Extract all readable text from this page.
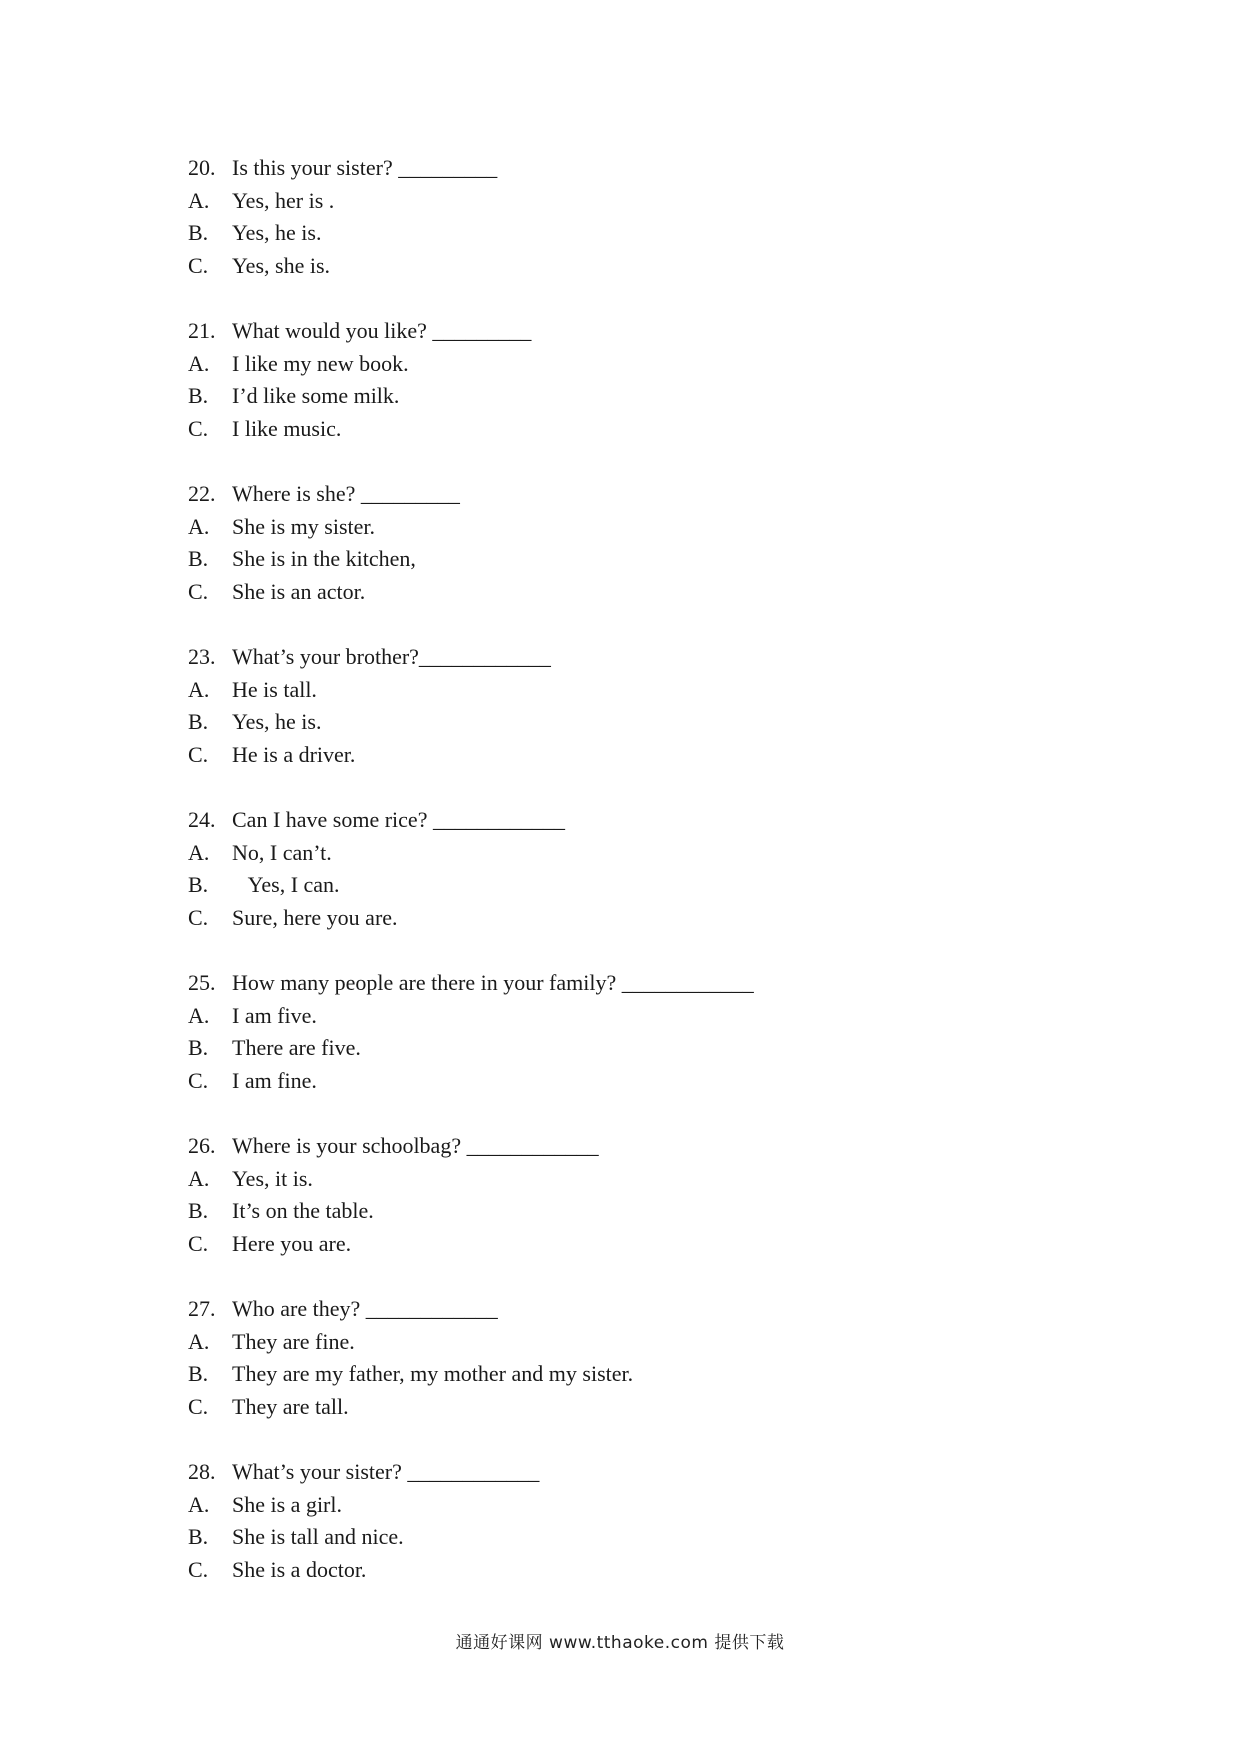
20. Is this your sister? _________
A.	Yes, her is .
B.	Yes, he is.
C.	Yes, she is.
21. What would you like? _________
A.	I like my new book.
B.	I’d like some milk.
C.	I like music.
22. Where is she? _________
A.	She is my sister.
B.	She is in the kitchen,
C.	She is an actor.
23. What’s your brother?____________
A.	He is tall.
B.	Yes, he is.
C.	He is a driver.
24. Can I have some rice? ____________
A.	No, I can’t.
B.	Yes, I can.
C.	Sure, here you are.
25. How many people are there in your family? ____________
A.	I am five.
B.	There are five.
C.	I am fine.
26. Where is your schoolbag? ____________
A.	Yes, it is.
B.	It’s on the table.
C.	Here you are.
27. Who are they? ____________
A.	They are fine.
B.	They are my father, my mother and my sister.
C.	They are tall.
28. What’s your sister? ____________
A.	She is a girl.
B.	She is tall and nice.
C.	She is a doctor.
通通好课网 www.tthaoke.com 提供下载
